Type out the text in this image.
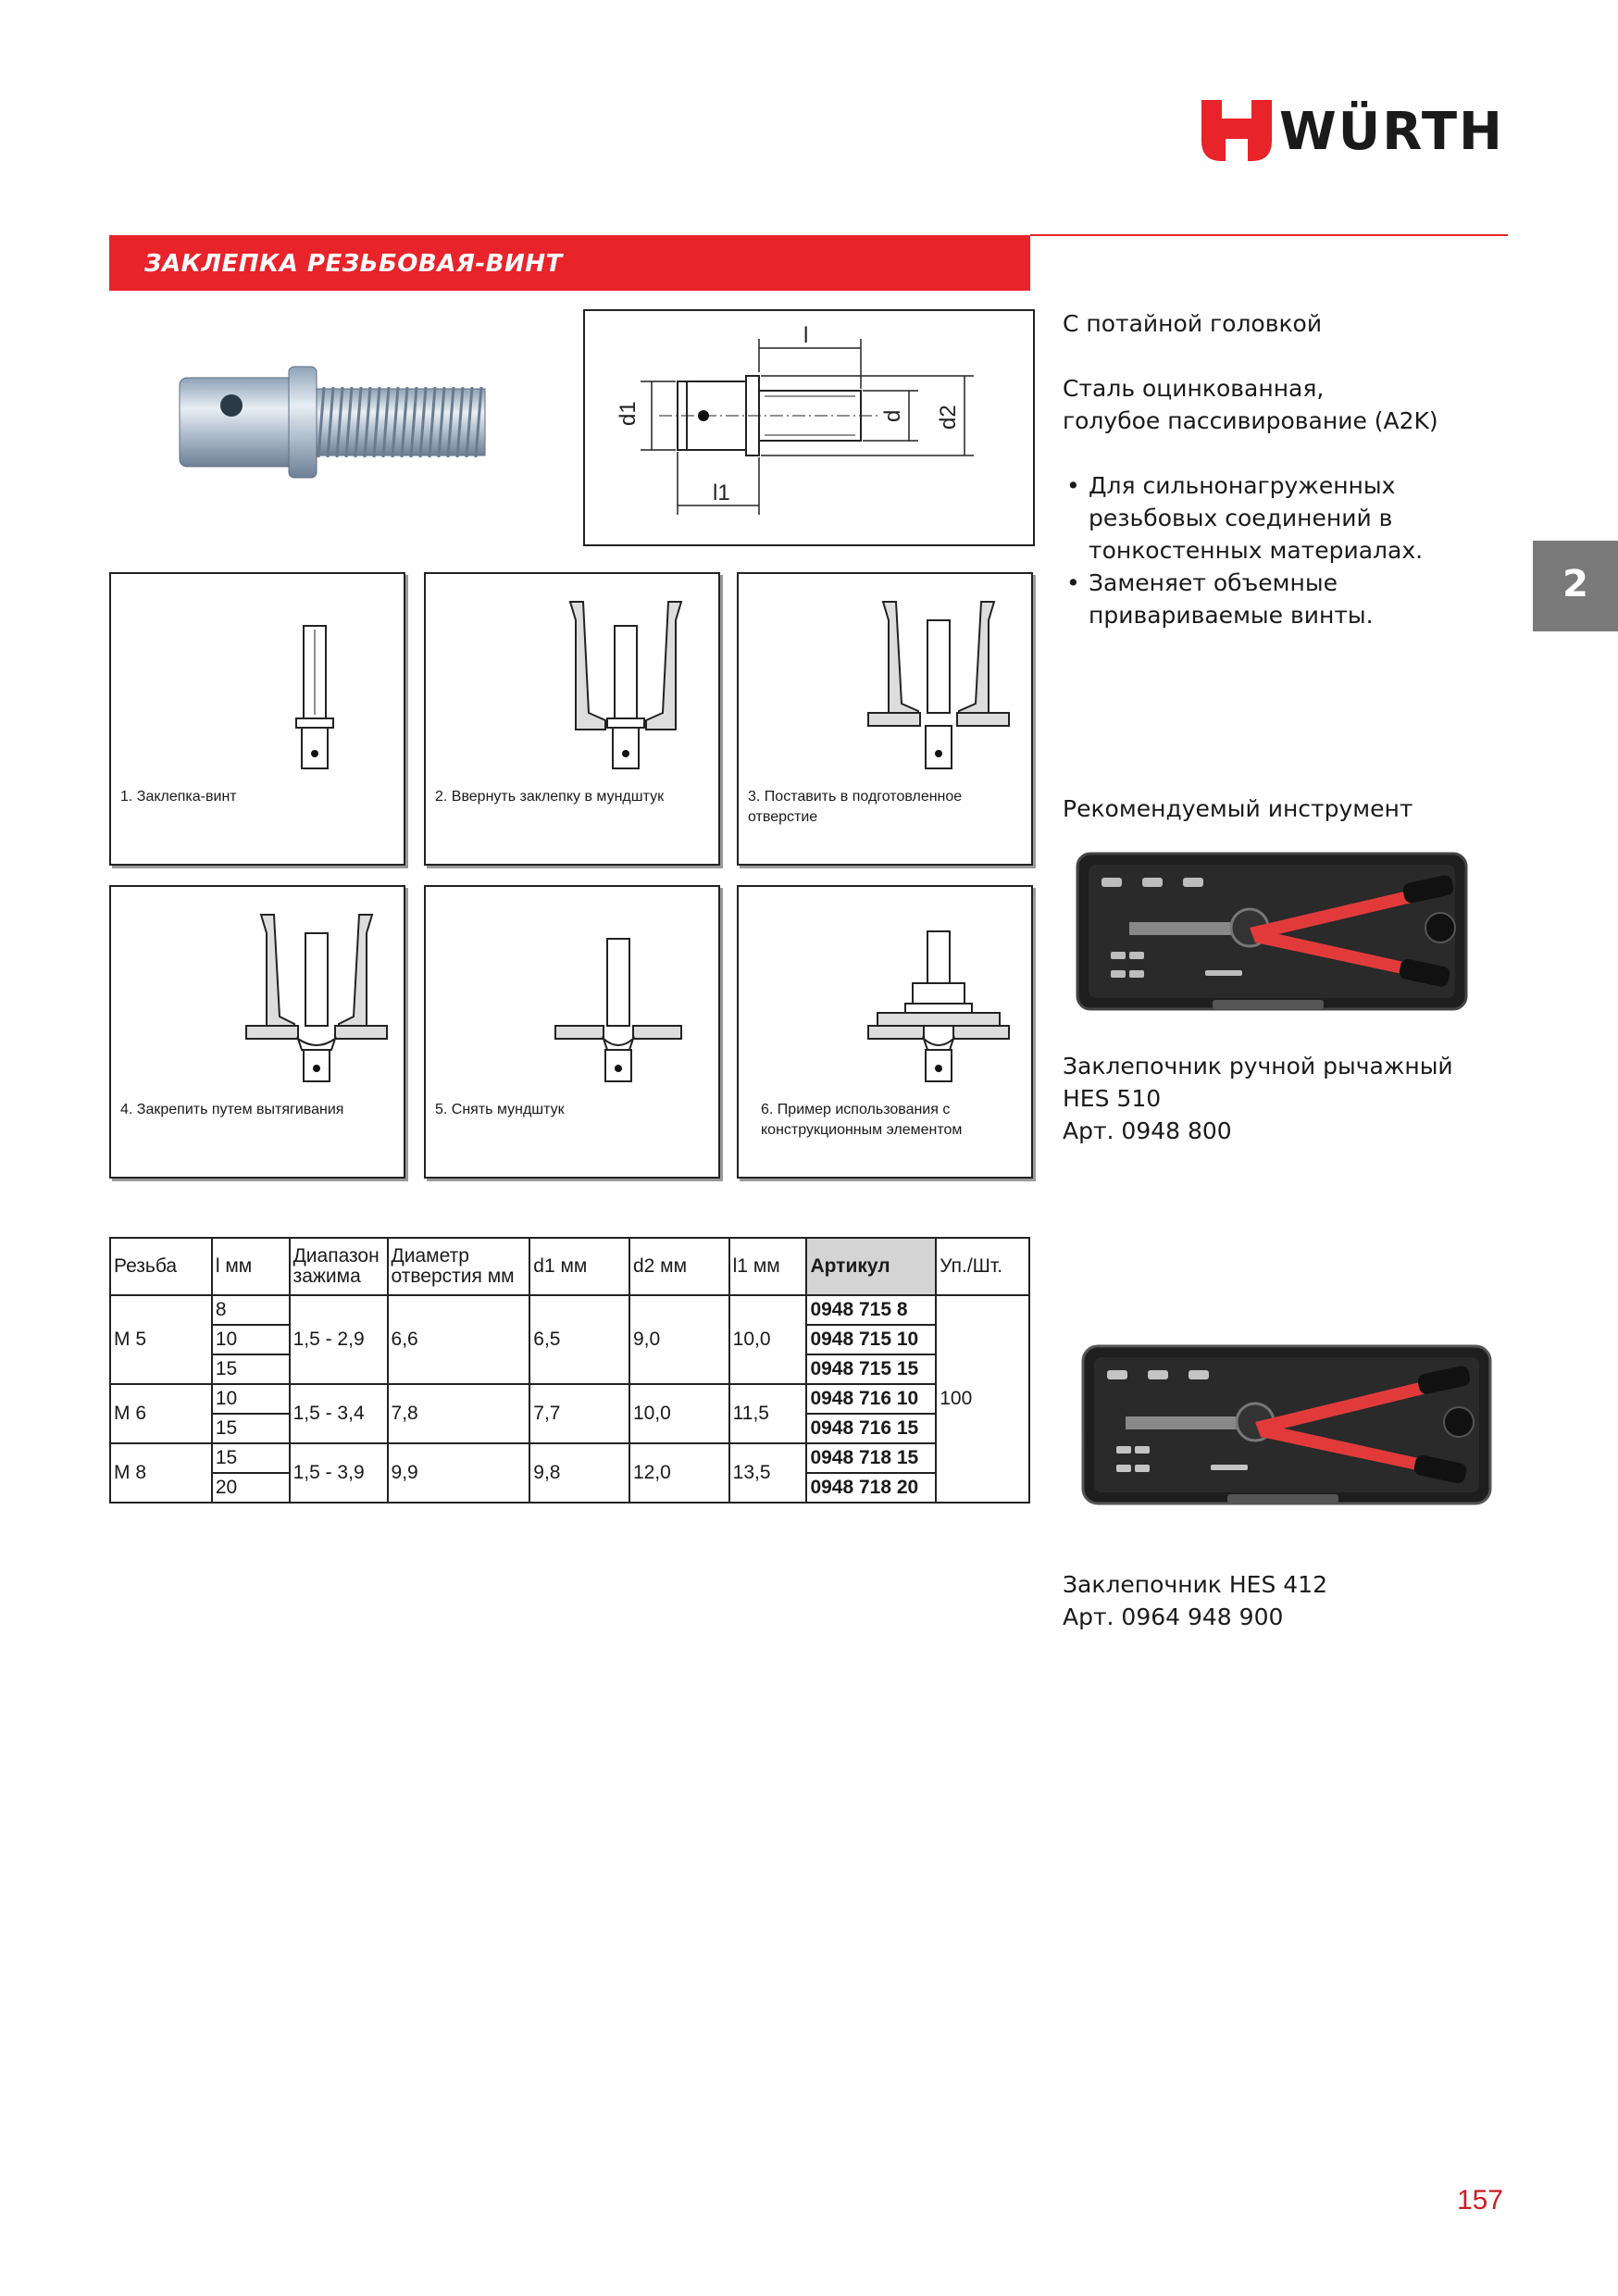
WÜRTH
ЗАКЛЕПКА РЕЗЬБОВАЯ-ВИНТ
2
l
l1
d1	d d2
1. Заклепка-винт	2. Ввернуть заклепку в мундштук	3. Поставить в подготовленное отверстие
4. Закрепить путем вытягивания	5. Снять мундштук	6. Пример использования с конструкционным элементом
С потайной головкой
Сталь оцинкованная,
голубое пассивирование (A2K)
• Для сильнонагруженных резьбовых соединений в тонкостенных материалах.
• Заменяет объемные привариваемые винты.
Рекомендуемый инструмент
Заклепочник ручной рычажный
HES 510
Арт. 0948 800
Заклепочник HES 412
Арт. 0964 948 900
Резьба	l мм	Диапазон зажима	Диаметр отверстия мм	d1 мм	d2 мм	l1 мм	Артикул	Уп./Шт.
M 5	8	1,5 - 2,9	6,6	6,5	9,0	10,0	0948 715 8	100
	10						0948 715 10	
	15						0948 715 15	
M 6	10	1,5 - 3,4	7,8	7,7	10,0	11,5	0948 716 10	
	15						0948 716 15	
M 8	15	1,5 - 3,9	9,9	9,8	12,0	13,5	0948 718 15	
	20						0948 718 20	
157
